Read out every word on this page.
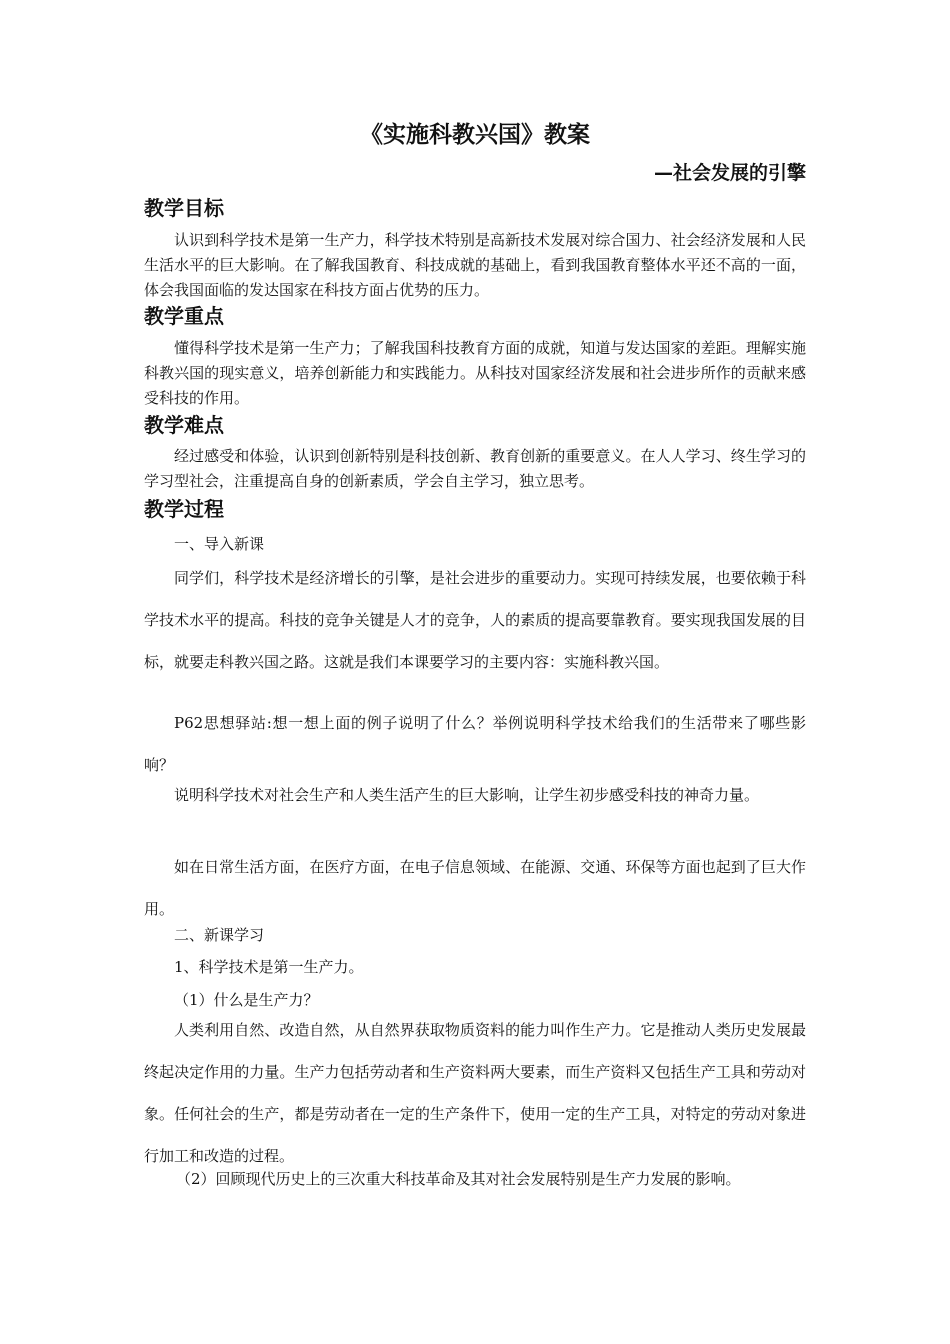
《实施科教兴国》教案
—社会发展的引擎
教学目标

认识到科学技术是第一生产力，科学技术特别是高新技术发展对综合国力、社会经济发展和人民生活水平的巨大影响。在了解我国教育、科技成就的基础上，看到我国教育整体水平还不高的一面，体会我国面临的发达国家在科技方面占优势的压力。

教学重点

懂得科学技术是第一生产力；了解我国科技教育方面的成就，知道与发达国家的差距。理解实施科教兴国的现实意义，培养创新能力和实践能力。从科技对国家经济发展和社会进步所作的贡献来感受科技的作用。

教学难点

经过感受和体验，认识到创新特别是科技创新、教育创新的重要意义。在人人学习、终生学习的学习型社会，注重提高自身的创新素质，学会自主学习，独立思考。

教学过程

一、导入新课

同学们，科学技术是经济增长的引擎，是社会进步的重要动力。实现可持续发展，也要依赖于科学技术水平的提高。科技的竞争关键是人才的竞争，人的素质的提高要靠教育。要实现我国发展的目标，就要走科教兴国之路。这就是我们本课要学习的主要内容：实施科教兴国。

P62思想驿站:想一想上面的例子说明了什么？举例说明科学技术给我们的生活带来了哪些影响？

说明科学技术对社会生产和人类生活产生的巨大影响，让学生初步感受科技的神奇力量。

如在日常生活方面，在医疗方面，在电子信息领域、在能源、交通、环保等方面也起到了巨大作用。

二、新课学习

1、科学技术是第一生产力。

（1）什么是生产力？

人类利用自然、改造自然，从自然界获取物质资料的能力叫作生产力。它是推动人类历史发展最终起决定作用的力量。生产力包括劳动者和生产资料两大要素，而生产资料又包括生产工具和劳动对象。任何社会的生产，都是劳动者在一定的生产条件下，使用一定的生产工具，对特定的劳动对象进行加工和改造的过程。

（2）回顾现代历史上的三次重大科技革命及其对社会发展特别是生产力发展的影响。
